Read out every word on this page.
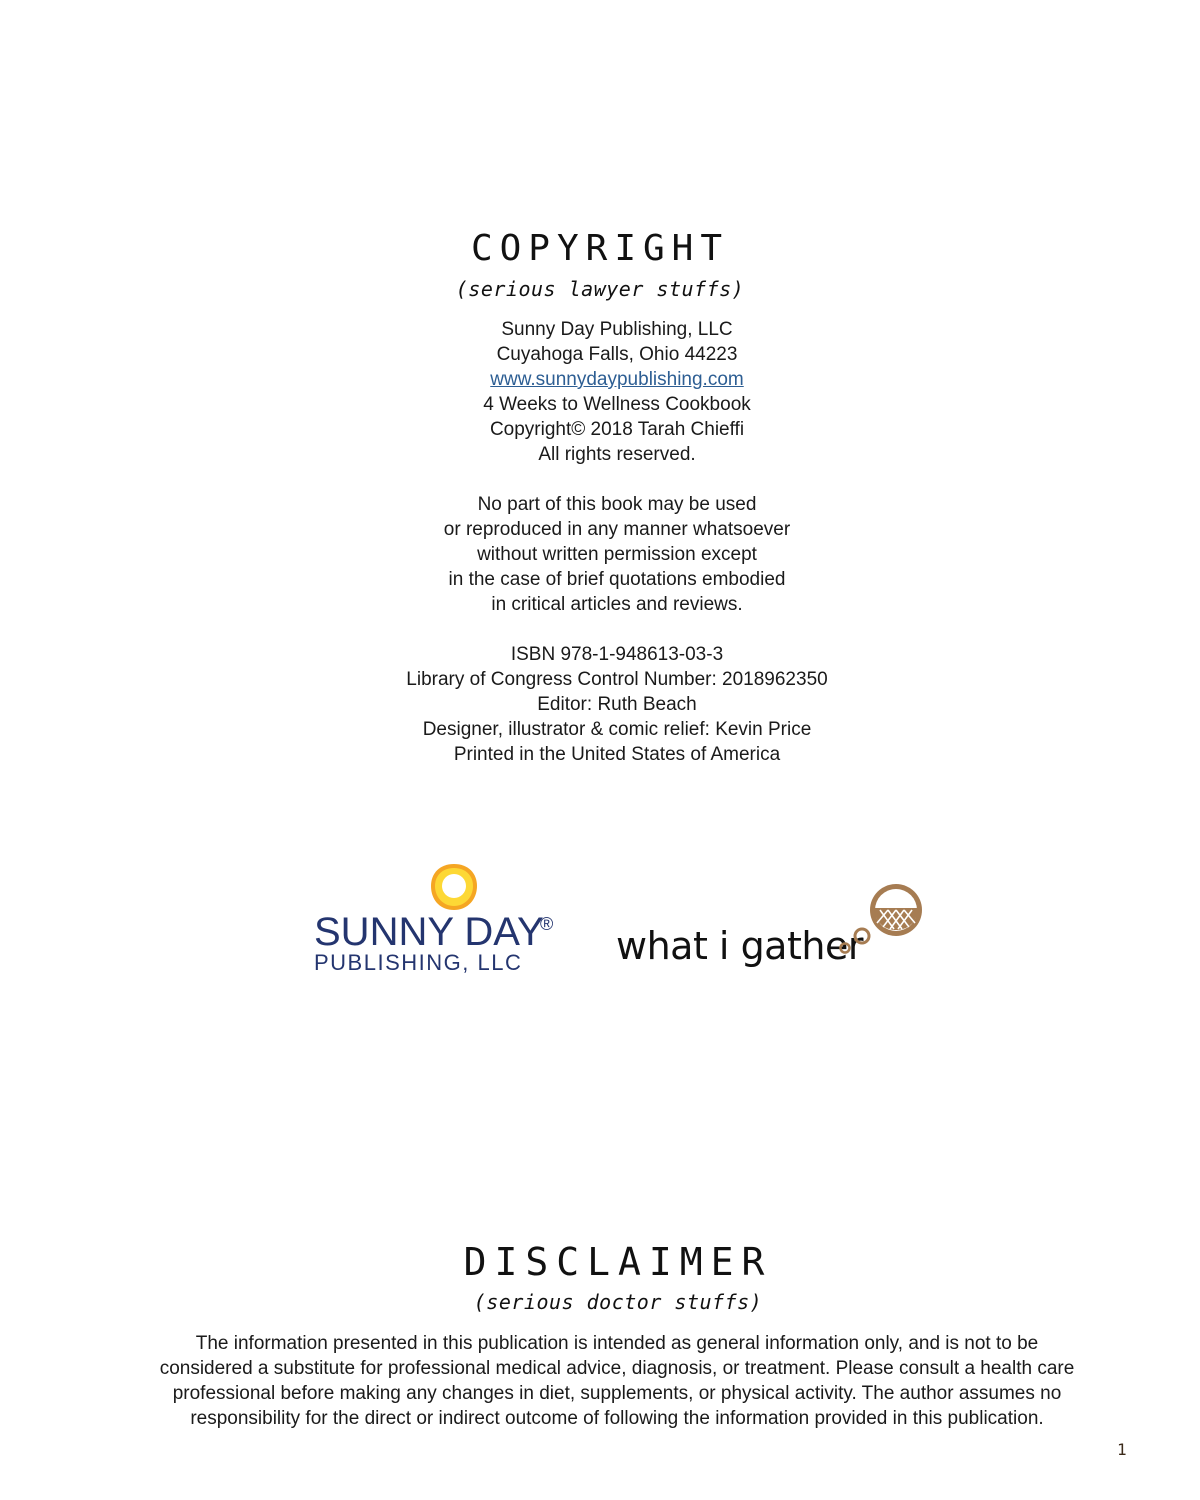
COPYRIGHT

(serious lawyer stuffs)

Sunny Day Publishing, LLC
Cuyahoga Falls, Ohio 44223
www.sunnydaypublishing.com
4 Weeks to Wellness Cookbook
Copyright© 2018 Tarah Chieffi
All rights reserved.
No part of this book may be used
or reproduced in any manner whatsoever
without written permission except
in the case of brief quotations embodied
in critical articles and reviews.
ISBN 978-1-948613-03-3
Library of Congress Control Number: 2018962350
Editor: Ruth Beach
Designer, illustrator & comic relief: Kevin Price
Printed in the United States of America
SUNNY DAY
®
PUBLISHING, LLC what i gather
DISCLAIMER

(serious doctor stuffs)

The information presented in this publication is intended as general information only, and is not to be
considered a substitute for professional medical advice, diagnosis, or treatment. Please consult a health care
professional before making any changes in diet, supplements, or physical activity. The author assumes no
responsibility for the direct or indirect outcome of following the information provided in this publication.
1
